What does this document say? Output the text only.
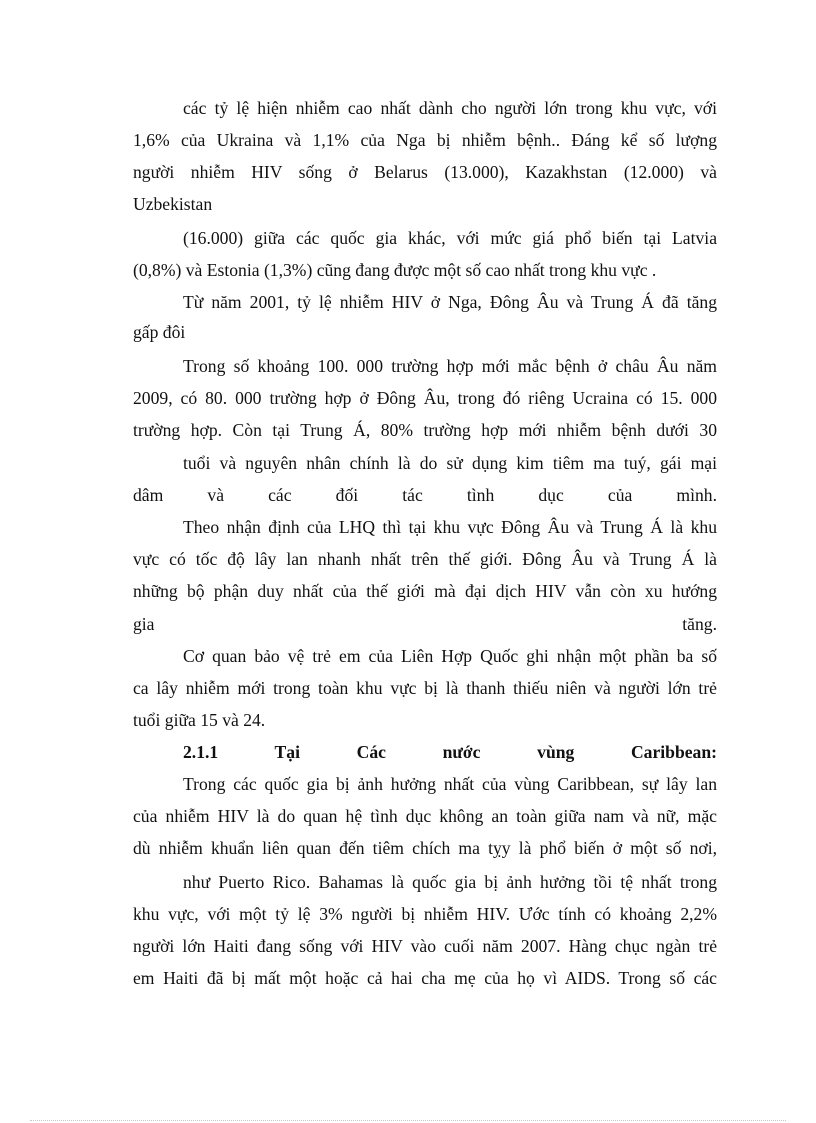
các tỷ lệ hiện nhiễm cao nhất dành cho người lớn trong khu vực, với
1,6% của Ukraina và 1,1% của Nga bị nhiễm bệnh.. Đáng kể số lượng
người nhiễm HIV sống ở Belarus (13.000), Kazakhstan (12.000) và
Uzbekistan
(16.000) giữa các quốc gia khác, với mức giá phổ biến tại Latvia
(0,8%) và Estonia (1,3%) cũng đang được một số cao nhất trong khu vực .
Từ năm 2001, tỷ lệ nhiễm HIV ở Nga, Đông Âu và Trung Á đã tăng
gấp đôi
Trong số khoảng 100. 000 trường hợp mới mắc bệnh ở châu Âu năm
2009, có 80. 000 trường hợp ở Đông Âu, trong đó riêng Ucraina có 15. 000
trường hợp. Còn tại Trung Á, 80% trường hợp mới nhiễm bệnh dưới 30
tuổi và nguyên nhân chính là do sử dụng kim tiêm ma tuý, gái mại
dâm và các đối tác tình dục của mình.
Theo nhận định của LHQ thì tại khu vực Đông Âu và Trung Á là khu
vực có tốc độ lây lan nhanh nhất trên thế giới. Đông Âu và Trung Á là
những bộ phận duy nhất của thế giới mà đại dịch HIV vẫn còn xu hướng
gia tăng.
Cơ quan bảo vệ trẻ em của Liên Hợp Quốc ghi nhận một phần ba số
ca lây nhiễm mới trong toàn khu vực bị là thanh thiếu niên và người lớn trẻ
tuổi giữa 15 và 24.
2.1.1 Tại Các nước vùng Caribbean:
Trong các quốc gia bị ảnh hưởng nhất của vùng Caribbean, sự lây lan
của nhiễm HIV là do quan hệ tình dục không an toàn giữa nam và nữ, mặc
dù nhiễm khuẩn liên quan đến tiêm chích ma tỵy là phổ biến ở một số nơi,
như Puerto Rico. Bahamas là quốc gia bị ảnh hưởng tồi tệ nhất trong
khu vực, với một tỷ lệ 3% người bị nhiễm HIV. Ước tính có khoảng 2,2%
người lớn Haiti đang sống với HIV vào cuối năm 2007. Hàng chục ngàn trẻ
em Haiti đã bị mất một hoặc cả hai cha mẹ của họ vì AIDS. Trong số các
